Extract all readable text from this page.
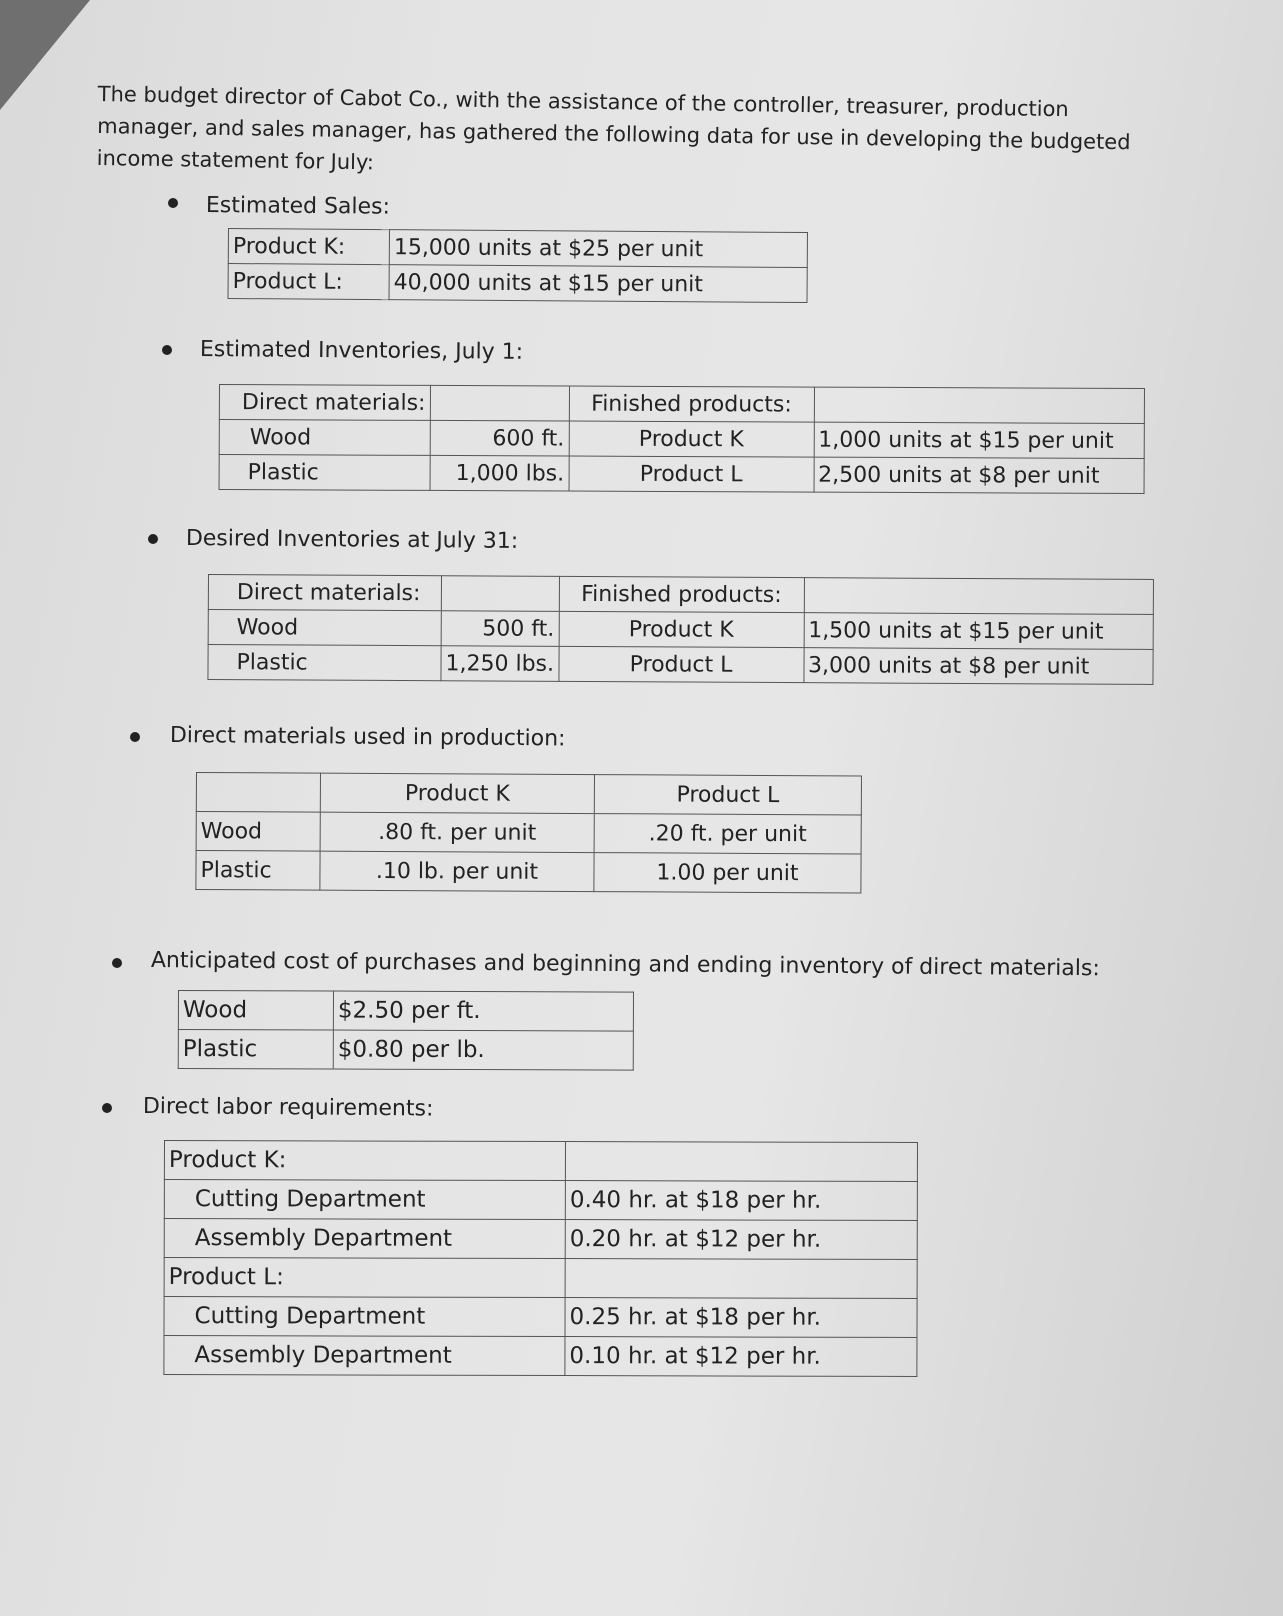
The budget director of Cabot Co., with the assistance of the controller, treasurer, production manager, and sales manager, has gathered the following data for use in developing the budgeted income statement for July:
Estimated Sales:
Product K:	15,000 units at $25 per unit
Product L:	40,000 units at $15 per unit
Estimated Inventories, July 1:
Direct materials:		Finished products:	
Wood	600 ft.	Product K	1,000 units at $15 per unit
Plastic	1,000 lbs.	Product L	2,500 units at $8 per unit
Desired Inventories at July 31:
Direct materials:		Finished products:	
Wood	500 ft.	Product K	1,500 units at $15 per unit
Plastic	1,250 lbs.	Product L	3,000 units at $8 per unit
Direct materials used in production:
	Product K	Product L
Wood	.80 ft. per unit	.20 ft. per unit
Plastic	.10 lb. per unit	1.00 per unit
Anticipated cost of purchases and beginning and ending inventory of direct materials:
Wood	$2.50 per ft.
Plastic	$0.80 per lb.
Direct labor requirements:
Product K:	
Cutting Department	0.40 hr. at $18 per hr.
Assembly Department	0.20 hr. at $12 per hr.
Product L:	
Cutting Department	0.25 hr. at $18 per hr.
Assembly Department	0.10 hr. at $12 per hr.
